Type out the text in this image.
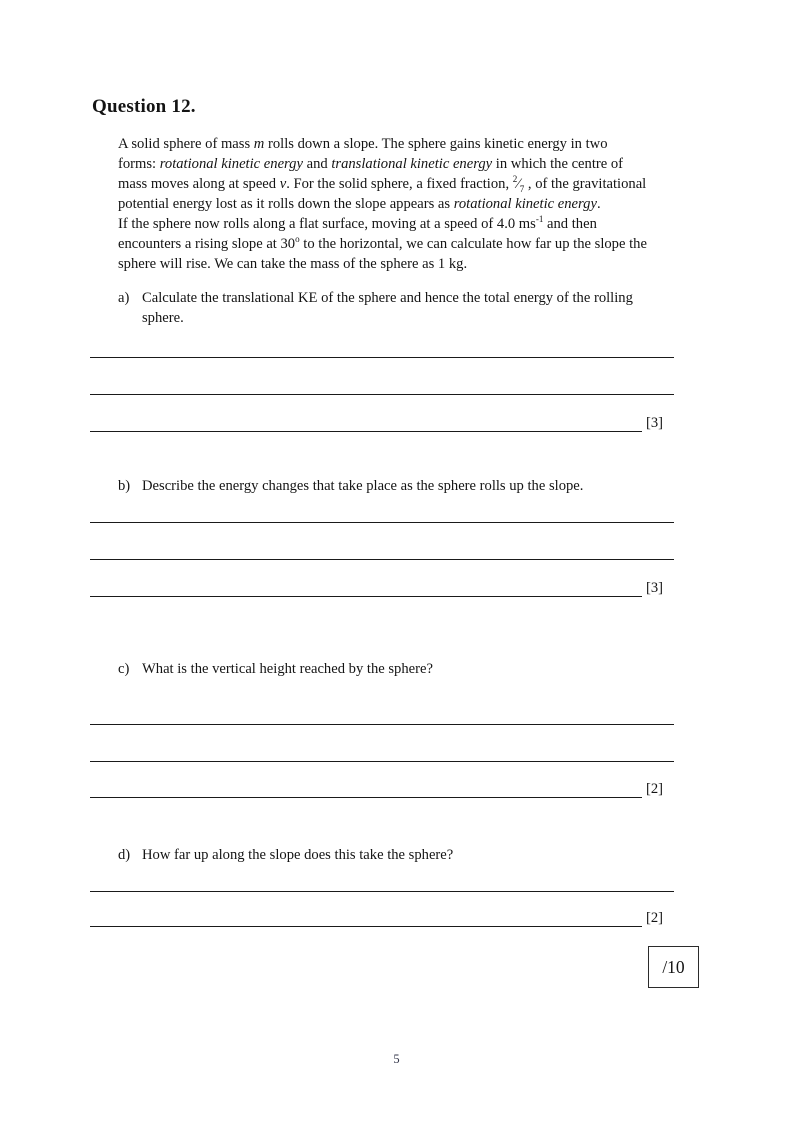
Question 12.
A solid sphere of mass m rolls down a slope. The sphere gains kinetic energy in two
forms: rotational kinetic energy and translational kinetic energy in which the centre of
mass moves along at speed v. For the solid sphere, a fixed fraction, $^2⁄_7$ , of the gravitational
potential energy lost as it rolls down the slope appears as rotational kinetic energy.
If the sphere now rolls along a flat surface, moving at a speed of 4.0 $ms^{-1}$ and then
encounters a rising slope at 30$^o$ to the horizontal, we can calculate how far up the slope the
sphere will rise. We can take the mass of the sphere as 1 kg.
a) Calculate the translational KE of the sphere and hence the total energy of the rolling
sphere.
[3]
b) Describe the energy changes that take place as the sphere rolls up the slope.
[3]
c) What is the vertical height reached by the sphere?
[2]
d) How far up along the slope does this take the sphere?
[2]
/10
5
